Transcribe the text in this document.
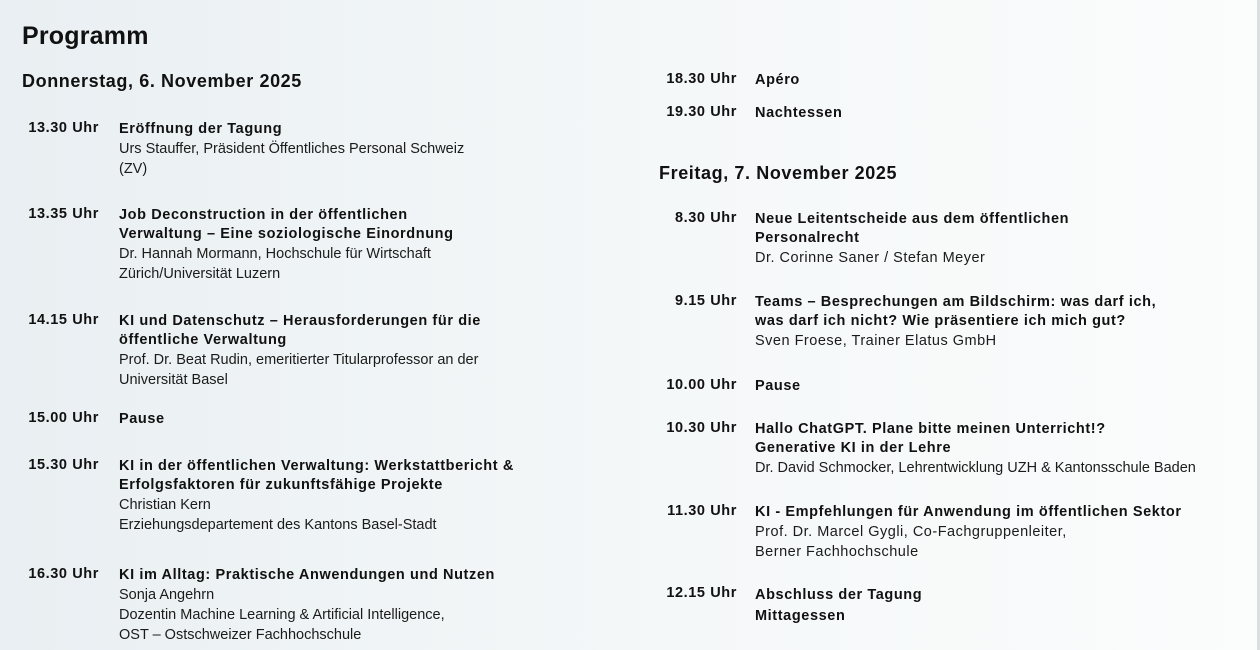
Programm
Donnerstag, 6. November 2025
13.30 Uhr Eröffnung der Tagung
Urs Stauffer, Präsident Öffentliches Personal Schweiz
(ZV)
13.35 Uhr Job Deconstruction in der öffentlichen
Verwaltung – Eine soziologische Einordnung
Dr. Hannah Mormann, Hochschule für Wirtschaft
Zürich/Universität Luzern
14.15 Uhr KI und Datenschutz – Herausforderungen für die
öffentliche Verwaltung
Prof. Dr. Beat Rudin, emeritierter Titularprofessor an der
Universität Basel
15.00 Uhr Pause
15.30 Uhr KI in der öffentlichen Verwaltung: Werkstattbericht &
Erfolgsfaktoren für zukunftsfähige Projekte
Christian Kern
Erziehungsdepartement des Kantons Basel-Stadt
16.30 Uhr KI im Alltag: Praktische Anwendungen und Nutzen
Sonja Angehrn
Dozentin Machine Learning & Artificial Intelligence,
OST – Ostschweizer Fachhochschule
18.30 Uhr Apéro
19.30 Uhr Nachtessen
Freitag, 7. November 2025
8.30 Uhr Neue Leitentscheide aus dem öffentlichen
Personalrecht
Dr. Corinne Saner / Stefan Meyer
9.15 Uhr Teams – Besprechungen am Bildschirm: was darf ich,
was darf ich nicht? Wie präsentiere ich mich gut?
Sven Froese, Trainer Elatus GmbH
10.00 Uhr Pause
10.30 Uhr Hallo ChatGPT. Plane bitte meinen Unterricht!?
Generative KI in der Lehre
Dr. David Schmocker, Lehrentwicklung UZH & Kantonsschule Baden
11.30 Uhr KI - Empfehlungen für Anwendung im öffentlichen Sektor
Prof. Dr. Marcel Gygli, Co-Fachgruppenleiter,
Berner Fachhochschule
12.15 Uhr Abschluss der Tagung
Mittagessen
